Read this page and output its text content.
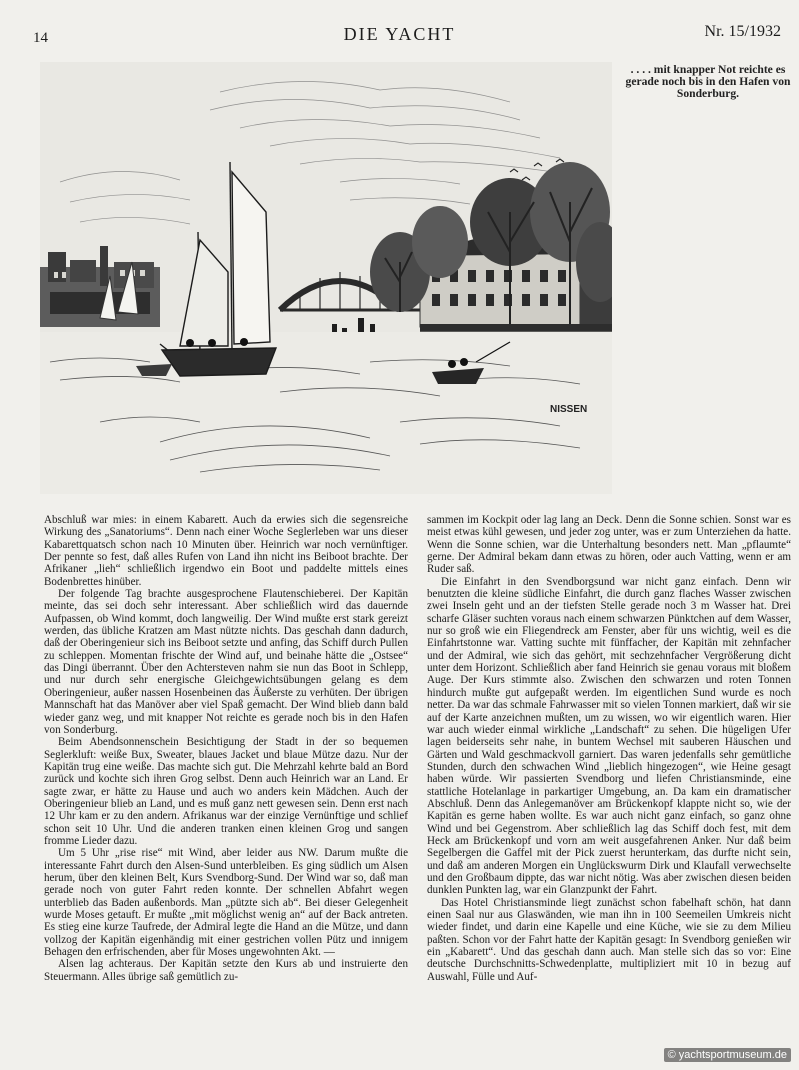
14	DIE YACHT	Nr. 15/1932
NISSEN
. . . . mit knapper Not reichte es gerade noch bis in den Hafen von Sonderburg.

Abschluß war mies: in einem Kabarett. Auch da erwies sich die segensreiche Wirkung des „Sanatoriums“. Denn nach einer Woche Seglerleben war uns dieser Kabarettquatsch schon nach 10 Minuten über. Heinrich war noch vernünftiger. Der pennte so fest, daß alles Rufen von Land ihn nicht ins Beiboot brachte. Der Afrikaner „lieh“ schließlich irgendwo ein Boot und paddelte mittels eines Bodenbrettes hinüber.

Der folgende Tag brachte ausgesprochene Flautenschieberei. Der Kapitän meinte, das sei doch sehr interessant. Aber schließlich wird das dauernde Aufpassen, ob Wind kommt, doch langweilig. Der Wind mußte erst stark gereizt werden, das übliche Kratzen am Mast nützte nichts. Das geschah dann dadurch, daß der Oberingenieur sich ins Beiboot setzte und anfing, das Schiff durch Pullen zu schleppen. Momentan frischte der Wind auf, und beinahe hätte die „Ostsee“ das Dingi überrannt. Über den Achtersteven nahm sie nun das Boot in Schlepp, und nur durch sehr energische Gleichgewichtsübungen gelang es dem Oberingenieur, außer nassen Hosenbeinen das Äußerste zu verhüten. Der übrigen Mannschaft hat das Manöver aber viel Spaß gemacht. Der Wind blieb dann bald wieder ganz weg, und mit knapper Not reichte es gerade noch bis in den Hafen von Sonderburg.

Beim Abendsonnenschein Besichtigung der Stadt in der so bequemen Seglerkluft: weiße Bux, Sweater, blaues Jacket und blaue Mütze dazu. Nur der Kapitän trug eine weiße. Das machte sich gut. Die Mehrzahl kehrte bald an Bord zurück und kochte sich ihren Grog selbst. Denn auch Heinrich war an Land. Er sagte zwar, er hätte zu Hause und auch wo anders kein Mädchen. Auch der Oberingenieur blieb an Land, und es muß ganz nett gewesen sein. Denn erst nach 12 Uhr kam er zu den andern. Afrikanus war der einzige Vernünftige und schlief schon seit 10 Uhr. Und die anderen tranken einen kleinen Grog und sangen fromme Lieder dazu.

Um 5 Uhr „rise rise“ mit Wind, aber leider aus NW. Darum mußte die interessante Fahrt durch den Alsen-Sund unterbleiben. Es ging südlich um Alsen herum, über den kleinen Belt, Kurs Svendborg-Sund. Der Wind war so, daß man gerade noch von guter Fahrt reden konnte. Der schnellen Abfahrt wegen unterblieb das Baden außenbords. Man „pützte sich ab“. Bei dieser Gelegenheit wurde Moses getauft. Er mußte „mit möglichst wenig an“ auf der Back antreten. Es stieg eine kurze Taufrede, der Admiral legte die Hand an die Mütze, und dann vollzog der Kapitän eigenhändig mit einer gestrichen vollen Pütz und innigem Behagen den erfrischenden, aber für Moses ungewohnten Akt. —

Alsen lag achteraus. Der Kapitän setzte den Kurs ab und instruierte den Steuermann. Alles übrige saß gemütlich zu-

sammen im Kockpit oder lag lang an Deck. Denn die Sonne schien. Sonst war es meist etwas kühl gewesen, und jeder zog unter, was er zum Unterziehen da hatte. Wenn die Sonne schien, war die Unterhaltung besonders nett. Man „pflaumte“ gerne. Der Admiral bekam dann etwas zu hören, oder auch Vatting, wenn er am Ruder saß.

Die Einfahrt in den Svendborgsund war nicht ganz einfach. Denn wir benutzten die kleine südliche Einfahrt, die durch ganz flaches Wasser zwischen zwei Inseln geht und an der tiefsten Stelle gerade noch 3 m Wasser hat. Drei scharfe Gläser suchten voraus nach einem schwarzen Pünktchen auf dem Wasser, nur so groß wie ein Fliegendreck am Fenster, aber für uns wichtig, weil es die Einfahrtstonne war. Vatting suchte mit fünffacher, der Kapitän mit zehnfacher und der Admiral, wie sich das gehört, mit sechzehnfacher Vergrößerung dicht unter dem Horizont. Schließlich aber fand Heinrich sie genau voraus mit bloßem Auge. Der Kurs stimmte also. Zwischen den schwarzen und roten Tonnen hindurch mußte gut aufgepaßt werden. Im eigentlichen Sund wurde es noch netter. Da war das schmale Fahrwasser mit so vielen Tonnen markiert, daß wir sie auf der Karte anzeichnen mußten, um zu wissen, wo wir eigentlich waren. Hier war auch wieder einmal wirkliche „Landschaft“ zu sehen. Die hügeligen Ufer lagen beiderseits sehr nahe, in buntem Wechsel mit sauberen Häuschen und Gärten und Wald geschmackvoll garniert. Das waren jedenfalls sehr gemütliche Stunden, durch den schwachen Wind „lieblich hingezogen“, wie Heine gesagt haben würde. Wir passierten Svendborg und liefen Christiansminde, eine stattliche Hotelanlage in parkartiger Umgebung, an. Da kam ein dramatischer Abschluß. Denn das Anlegemanöver am Brückenkopf klappte nicht so, wie der Kapitän es gerne haben wollte. Es war auch nicht ganz einfach, so ganz ohne Wind und bei Gegenstrom. Aber schließlich lag das Schiff doch fest, mit dem Heck am Brückenkopf und vorn am weit ausgefahrenen Anker. Nur daß beim Segelbergen die Gaffel mit der Pick zuerst herunterkam, das durfte nicht sein, und daß am anderen Morgen ein Unglückswurm Dirk und Klaufall verwechselte und den Großbaum dippte, das war nicht nötig. Was aber zwischen diesen beiden dunklen Punkten lag, war ein Glanzpunkt der Fahrt.

Das Hotel Christiansminde liegt zunächst schon fabelhaft schön, hat dann einen Saal nur aus Glaswänden, wie man ihn in 100 Seemeilen Umkreis nicht wieder findet, und darin eine Kapelle und eine Küche, wie sie zu dem Milieu paßten. Schon vor der Fahrt hatte der Kapitän gesagt: In Svendborg genießen wir ein „Kabarett“. Und das geschah dann auch. Man stelle sich das so vor: Eine deutsche Durchschnitts-Schwedenplatte, multipliziert mit 10 in bezug auf Auswahl, Fülle und Auf-

© yachtsportmuseum.de
